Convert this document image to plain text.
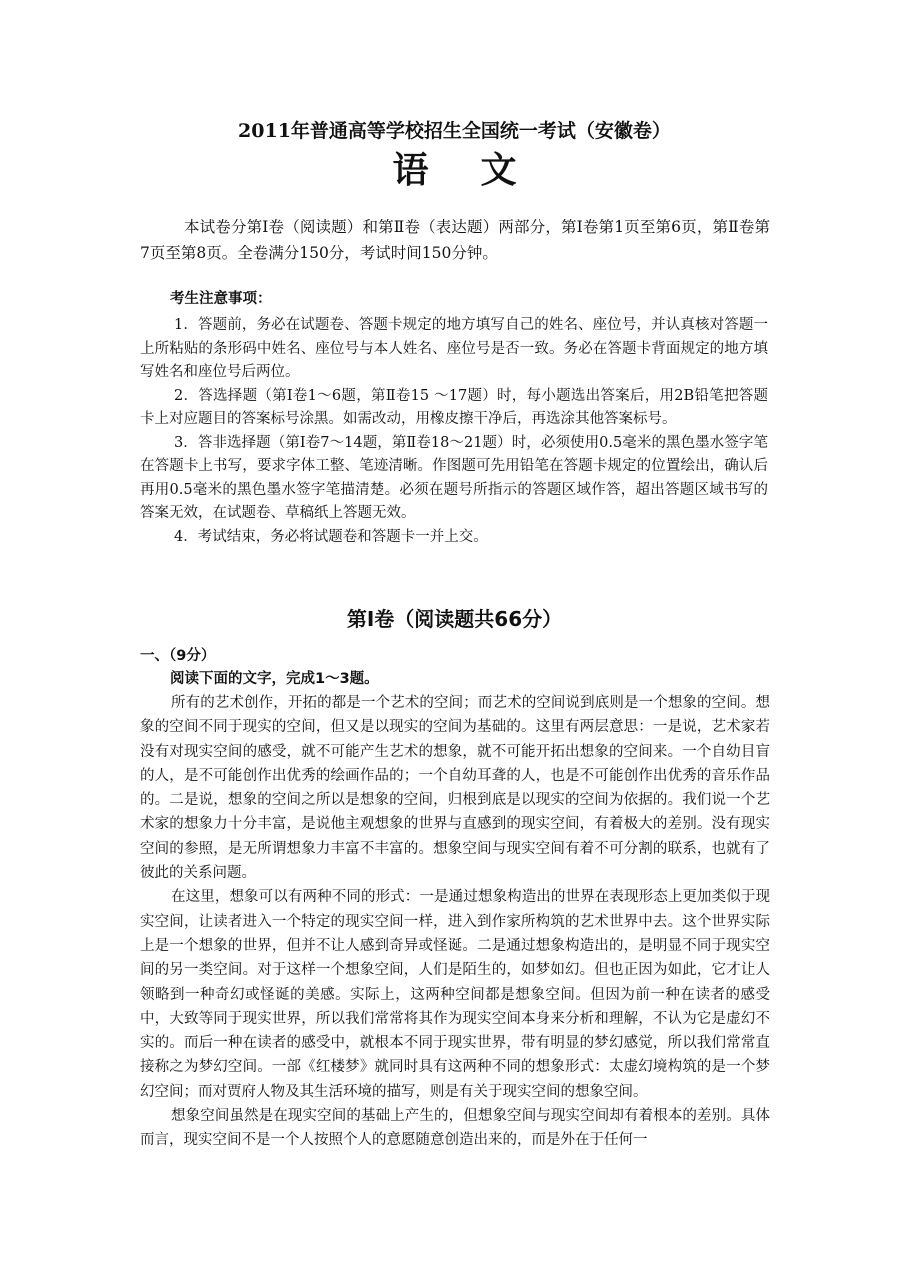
2011年普通高等学校招生全国统一考试（安徽卷）
语文

本试卷分第Ⅰ卷（阅读题）和第Ⅱ卷（表达题）两部分，第Ⅰ卷第1页至第6页，第Ⅱ卷第7页至第8页。全卷满分150分，考试时间150分钟。

考生注意事项：

1．答题前，务必在试题卷、答题卡规定的地方填写自己的姓名、座位号，并认真核对答题一上所粘贴的条形码中姓名、座位号与本人姓名、座位号是否一致。务必在答题卡背面规定的地方填写姓名和座位号后两位。
2．答选择题（第Ⅰ卷1～6题，第Ⅱ卷15 ～17题）时，每小题选出答案后，用2B铅笔把答题卡上对应题目的答案标号涂黑。如需改动，用橡皮擦干净后，再选涂其他答案标号。
3．答非选择题（第Ⅰ卷7～14题，第Ⅱ卷18～21题）时，必须使用0.5毫米的黑色墨水签字笔在答题卡上书写，要求字体工整、笔迹清晰。作图题可先用铅笔在答题卡规定的位置绘出，确认后再用0.5毫米的黑色墨水签字笔描清楚。必须在题号所指示的答题区域作答，超出答题区域书写的答案无效，在试题卷、草稿纸上答题无效。
4．考试结束，务必将试题卷和答题卡一并上交。
第Ⅰ卷（阅读题共66分）

一、（9分）

阅读下面的文字，完成1～3题。

所有的艺术创作，开拓的都是一个艺术的空间；而艺术的空间说到底则是一个想象的空间。想象的空间不同于现实的空间，但又是以现实的空间为基础的。这里有两层意思：一是说，艺术家若没有对现实空间的感受，就不可能产生艺术的想象，就不可能开拓出想象的空间来。一个自幼目盲的人，是不可能创作出优秀的绘画作品的；一个自幼耳聋的人，也是不可能创作出优秀的音乐作品的。二是说，想象的空间之所以是想象的空间，归根到底是以现实的空间为依据的。我们说一个艺术家的想象力十分丰富，是说他主观想象的世界与直感到的现实空间，有着极大的差别。没有现实空间的参照，是无所谓想象力丰富不丰富的。想象空间与现实空间有着不可分割的联系，也就有了彼此的关系问题。

在这里，想象可以有两种不同的形式：一是通过想象构造出的世界在表现形态上更加类似于现实空间，让读者进入一个特定的现实空间一样，进入到作家所构筑的艺术世界中去。这个世界实际上是一个想象的世界，但并不让人感到奇异或怪诞。二是通过想象构造出的，是明显不同于现实空间的另一类空间。对于这样一个想象空间，人们是陌生的，如梦如幻。但也正因为如此，它才让人领略到一种奇幻或怪诞的美感。实际上，这两种空间都是想象空间。但因为前一种在读者的感受中，大致等同于现实世界，所以我们常常将其作为现实空间本身来分析和理解，不认为它是虚幻不实的。而后一种在读者的感受中，就根本不同于现实世界，带有明显的梦幻感觉，所以我们常常直接称之为梦幻空间。一部《红楼梦》就同时具有这两种不同的想象形式：太虚幻境构筑的是一个梦幻空间；而对贾府人物及其生活环境的描写，则是有关于现实空间的想象空间。

想象空间虽然是在现实空间的基础上产生的，但想象空间与现实空间却有着根本的差别。具体而言，现实空间不是一个人按照个人的意愿随意创造出来的，而是外在于任何一
